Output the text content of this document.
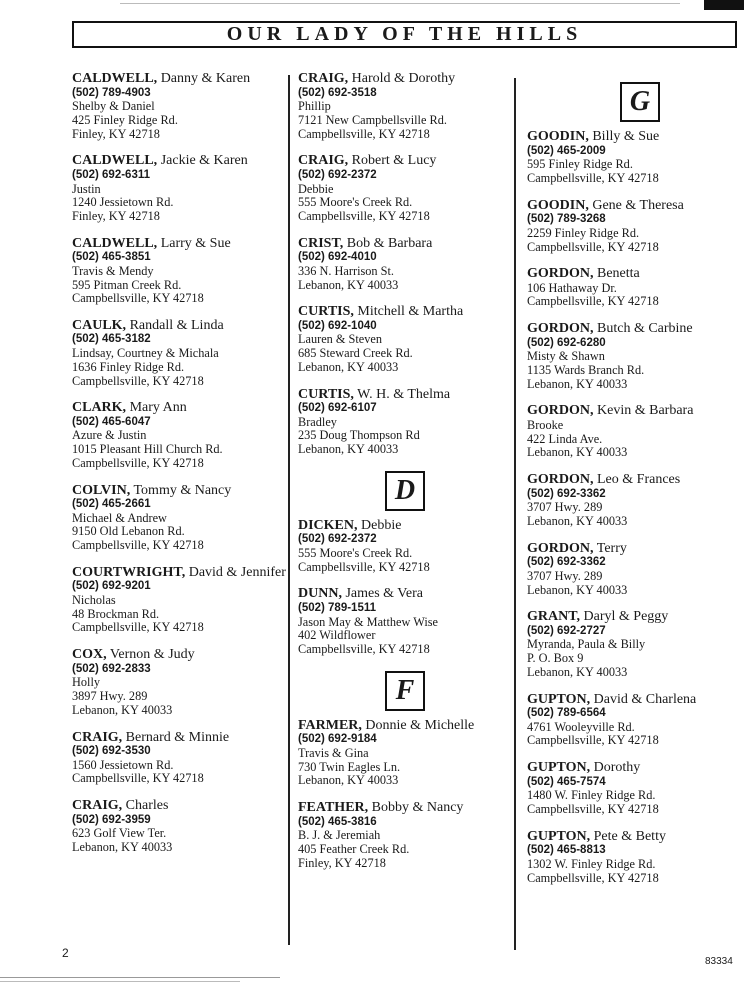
OUR LADY OF THE HILLS
CALDWELL, Danny & Karen
(502) 789-4903
Shelby & Daniel
425 Finley Ridge Rd.
Finley, KY 42718
CALDWELL, Jackie & Karen
(502) 692-6311
Justin
1240 Jessietown Rd.
Finley, KY 42718
CALDWELL, Larry & Sue
(502) 465-3851
Travis & Mendy
595 Pitman Creek Rd.
Campbellsville, KY 42718
CAULK, Randall & Linda
(502) 465-3182
Lindsay, Courtney & Michala
1636 Finley Ridge Rd.
Campbellsville, KY 42718
CLARK, Mary Ann
(502) 465-6047
Azure & Justin
1015 Pleasant Hill Church Rd.
Campbellsville, KY 42718
COLVIN, Tommy & Nancy
(502) 465-2661
Michael & Andrew
9150 Old Lebanon Rd.
Campbellsville, KY 42718
COURTWRIGHT, David & Jennifer
(502) 692-9201
Nicholas
48 Brockman Rd.
Campbellsville, KY 42718
COX, Vernon & Judy
(502) 692-2833
Holly
3897 Hwy. 289
Lebanon, KY 40033
CRAIG, Bernard & Minnie
(502) 692-3530
1560 Jessietown Rd.
Campbellsville, KY 42718
CRAIG, Charles
(502) 692-3959
623 Golf View Ter.
Lebanon, KY 40033
CRAIG, Harold & Dorothy
(502) 692-3518
Phillip
7121 New Campbellsville Rd.
Campbellsville, KY 42718
CRAIG, Robert & Lucy
(502) 692-2372
Debbie
555 Moore's Creek Rd.
Campbellsville, KY 42718
CRIST, Bob & Barbara
(502) 692-4010
336 N. Harrison St.
Lebanon, KY 40033
CURTIS, Mitchell & Martha
(502) 692-1040
Lauren & Steven
685 Steward Creek Rd.
Lebanon, KY 40033
CURTIS, W. H. & Thelma
(502) 692-6107
Bradley
235 Doug Thompson Rd
Lebanon, KY 40033
D
DICKEN, Debbie
(502) 692-2372
555 Moore's Creek Rd.
Campbellsville, KY 42718
DUNN, James & Vera
(502) 789-1511
Jason May & Matthew Wise
402 Wildflower
Campbellsville, KY 42718
F
FARMER, Donnie & Michelle
(502) 692-9184
Travis & Gina
730 Twin Eagles Ln.
Lebanon, KY 40033
FEATHER, Bobby & Nancy
(502) 465-3816
B. J. & Jeremiah
405 Feather Creek Rd.
Finley, KY 42718
G
GOODIN, Billy & Sue
(502) 465-2009
595 Finley Ridge Rd.
Campbellsville, KY 42718
GOODIN, Gene & Theresa
(502) 789-3268
2259 Finley Ridge Rd.
Campbellsville, KY 42718
GORDON, Benetta
106 Hathaway Dr.
Campbellsville, KY 42718
GORDON, Butch & Carbine
(502) 692-6280
Misty & Shawn
1135 Wards Branch Rd.
Lebanon, KY 40033
GORDON, Kevin & Barbara
Brooke
422 Linda Ave.
Lebanon, KY 40033
GORDON, Leo & Frances
(502) 692-3362
3707 Hwy. 289
Lebanon, KY 40033
GORDON, Terry
(502) 692-3362
3707 Hwy. 289
Lebanon, KY 40033
GRANT, Daryl & Peggy
(502) 692-2727
Myranda, Paula & Billy
P. O. Box 9
Lebanon, KY 40033
GUPTON, David & Charlena
(502) 789-6564
4761 Wooleyville Rd.
Campbellsville, KY 42718
GUPTON, Dorothy
(502) 465-7574
1480 W. Finley Ridge Rd.
Campbellsville, KY 42718
GUPTON, Pete & Betty
(502) 465-8813
1302 W. Finley Ridge Rd.
Campbellsville, KY 42718
2
83334
